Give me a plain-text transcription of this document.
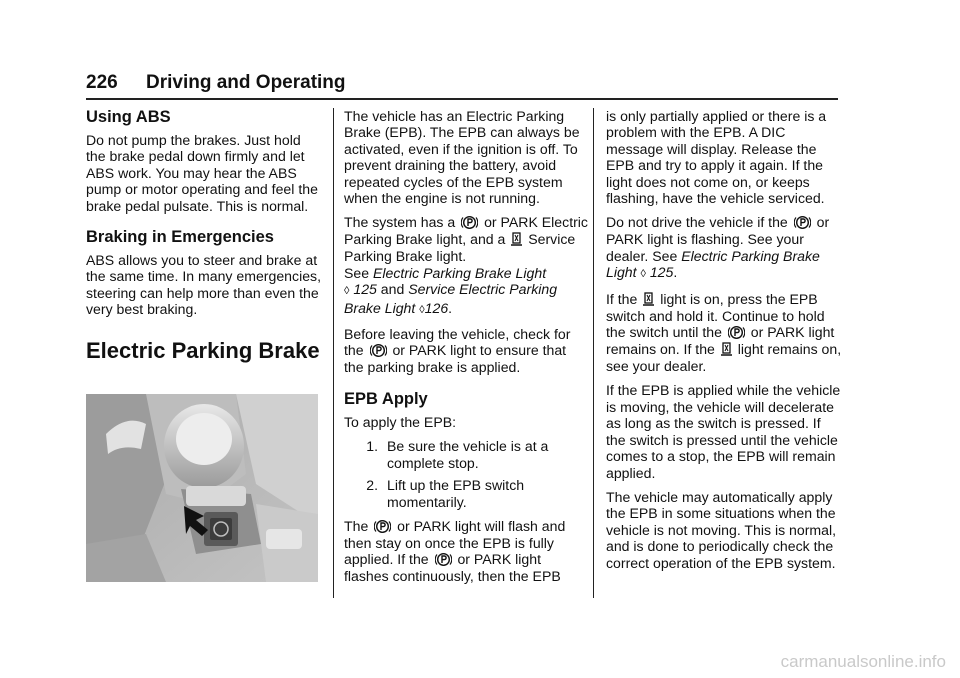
226 Driving and Operating
Using ABS

Do not pump the brakes. Just hold the brake pedal down firmly and let ABS work. You may hear the ABS pump or motor operating and feel the brake pedal pulsate. This is normal.

Braking in Emergencies

ABS allows you to steer and brake at the same time. In many emergencies, steering can help more than even the very best braking.

Electric Parking Brake

The vehicle has an Electric Parking Brake (EPB). The EPB can always be activated, even if the ignition is off. To prevent draining the battery, avoid repeated cycles of the EPB system when the engine is not running.

The system has a or PARK Electric Parking Brake light, and a Service Parking Brake light.
See Electric Parking Brake Light
◊ 125 and Service Electric Parking Brake Light ◊126.

Before leaving the vehicle, check for the or PARK light to ensure that the parking brake is applied.

EPB Apply

To apply the EPB:

1. Be sure the vehicle is at a complete stop.
2. Lift up the EPB switch momentarily.

The or PARK light will flash and then stay on once the EPB is fully applied. If the or PARK light flashes continuously, then the EPB

is only partially applied or there is a problem with the EPB. A DIC message will display. Release the EPB and try to apply it again. If the light does not come on, or keeps flashing, have the vehicle serviced.

Do not drive the vehicle if the or PARK light is flashing. See your dealer. See Electric Parking Brake Light ◊ 125.

If the light is on, press the EPB switch and hold it. Continue to hold the switch until the or PARK light remains on. If the light remains on, see your dealer.

If the EPB is applied while the vehicle is moving, the vehicle will decelerate as long as the switch is pressed. If the switch is pressed until the vehicle comes to a stop, the EPB will remain applied.

The vehicle may automatically apply the EPB in some situations when the vehicle is not moving. This is normal, and is done to periodically check the correct operation of the EPB system.

carmanualsonline.info
